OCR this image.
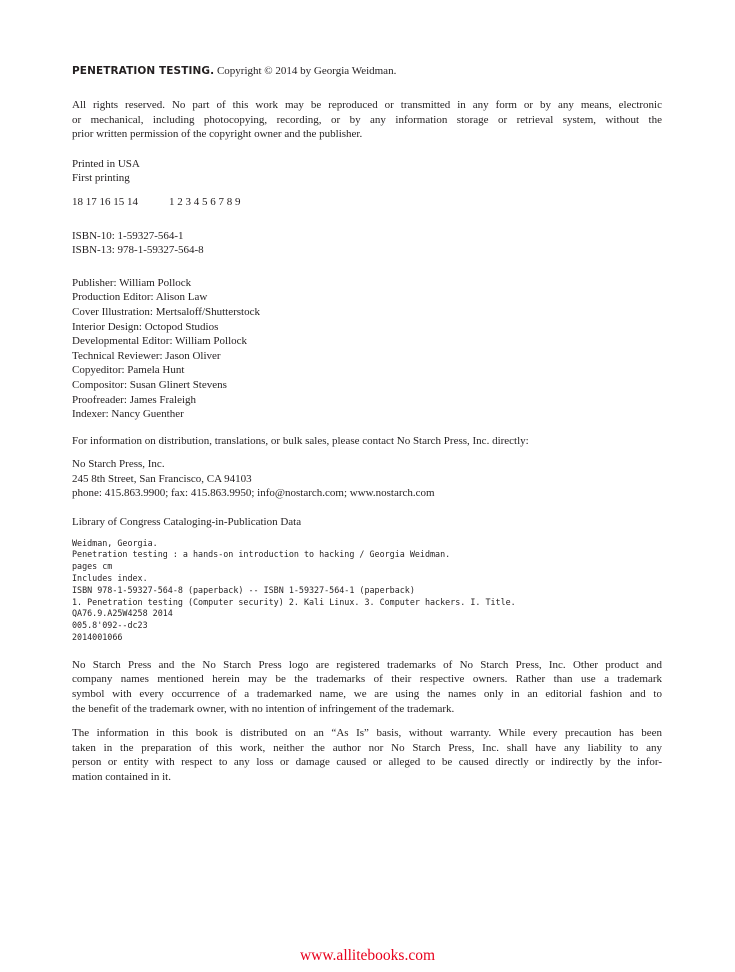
PENETRATION TESTING. Copyright © 2014 by Georgia Weidman.

All rights reserved. No part of this work may be reproduced or transmitted in any form or by any means, electronic
or mechanical, including photocopying, recording, or by any information storage or retrieval system, without the
prior written permission of the copyright owner and the publisher.

Printed in USA
First printing

18 17 16 15 14	1 2 3 4 5 6 7 8 9

ISBN-10: 1-59327-564-1
ISBN-13: 978-1-59327-564-8

Publisher: William Pollock
Production Editor: Alison Law
Cover Illustration: Mertsaloff/Shutterstock
Interior Design: Octopod Studios
Developmental Editor: William Pollock
Technical Reviewer: Jason Oliver
Copyeditor: Pamela Hunt
Compositor: Susan Glinert Stevens
Proofreader: James Fraleigh
Indexer: Nancy Guenther

For information on distribution, translations, or bulk sales, please contact No Starch Press, Inc. directly:

No Starch Press, Inc.
245 8th Street, San Francisco, CA 94103
phone: 415.863.9900; fax: 415.863.9950; info@nostarch.com; www.nostarch.com

Library of Congress Cataloging-in-Publication Data

Weidman, Georgia.
Penetration testing : a hands-on introduction to hacking / Georgia Weidman.
pages cm
Includes index.
ISBN 978-1-59327-564-8 (paperback) -- ISBN 1-59327-564-1 (paperback)
1. Penetration testing (Computer security) 2. Kali Linux. 3. Computer hackers. I. Title.
QA76.9.A25W4258 2014
005.8'092--dc23
2014001066

No Starch Press and the No Starch Press logo are registered trademarks of No Starch Press, Inc. Other product and
company names mentioned herein may be the trademarks of their respective owners. Rather than use a trademark
symbol with every occurrence of a trademarked name, we are using the names only in an editorial fashion and to
the benefit of the trademark owner, with no intention of infringement of the trademark.

The information in this book is distributed on an “As Is” basis, without warranty. While every precaution has been
taken in the preparation of this work, neither the author nor No Starch Press, Inc. shall have any liability to any
person or entity with respect to any loss or damage caused or alleged to be caused directly or indirectly by the infor-
mation contained in it.

www.allitebooks.com
